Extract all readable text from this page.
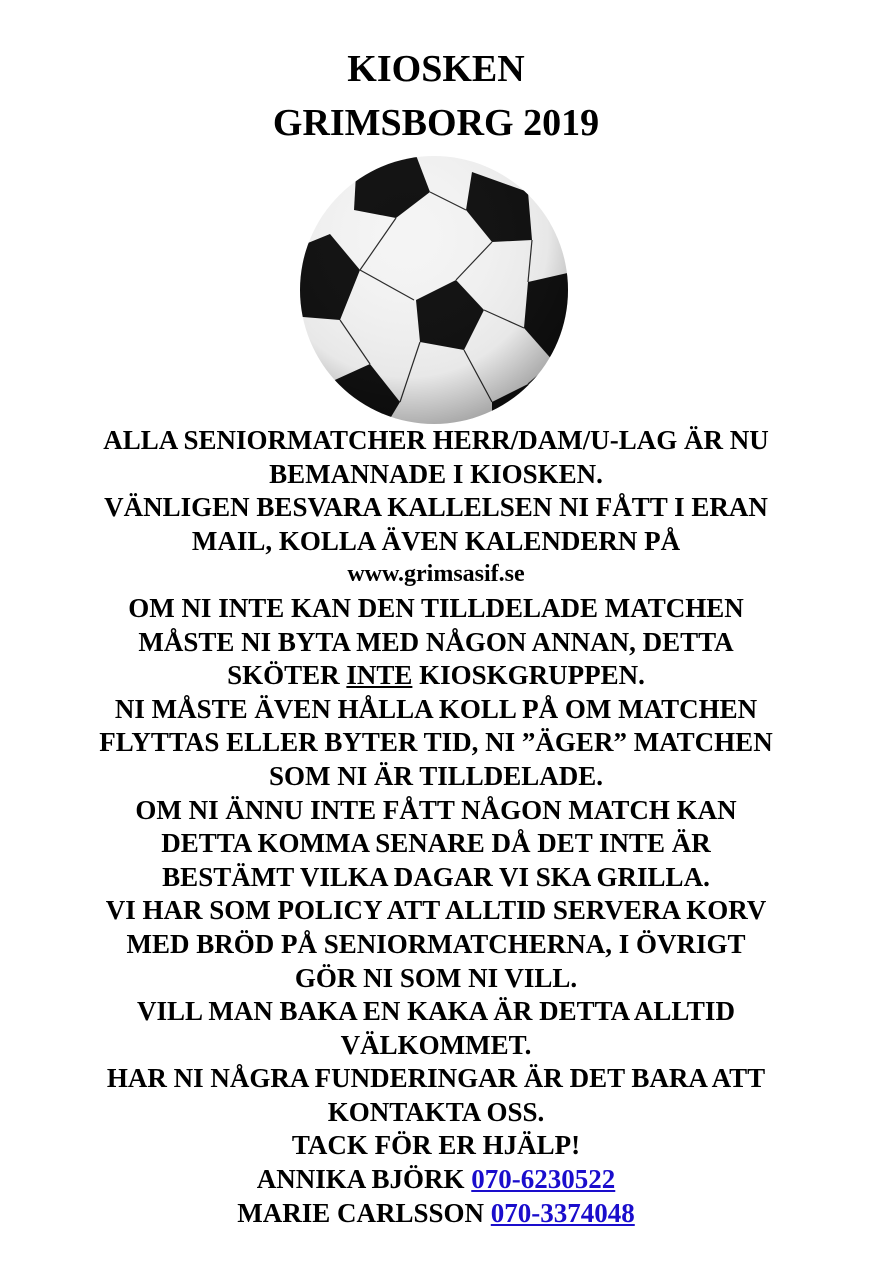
KIOSKEN
GRIMSBORG 2019
ALLA SENIORMATCHER HERR/DAM/U-LAG ÄR NU
BEMANNADE I KIOSKEN.
VÄNLIGEN BESVARA KALLELSEN NI FÅTT I ERAN
MAIL, KOLLA ÄVEN KALENDERN PÅ
www.grimsasif.se
OM NI INTE KAN DEN TILLDELADE MATCHEN
MÅSTE NI BYTA MED NÅGON ANNAN, DETTA
SKÖTER INTE KIOSKGRUPPEN.
NI MÅSTE ÄVEN HÅLLA KOLL PÅ OM MATCHEN
FLYTTAS ELLER BYTER TID, NI ”ÄGER” MATCHEN
SOM NI ÄR TILLDELADE.
OM NI ÄNNU INTE FÅTT NÅGON MATCH KAN
DETTA KOMMA SENARE DÅ DET INTE ÄR
BESTÄMT VILKA DAGAR VI SKA GRILLA.
VI HAR SOM POLICY ATT ALLTID SERVERA KORV
MED BRÖD PÅ SENIORMATCHERNA, I ÖVRIGT
GÖR NI SOM NI VILL.
VILL MAN BAKA EN KAKA ÄR DETTA ALLTID
VÄLKOMMET.
HAR NI NÅGRA FUNDERINGAR ÄR DET BARA ATT
KONTAKTA OSS.
TACK FÖR ER HJÄLP!
ANNIKA BJÖRK 070-6230522
MARIE CARLSSON 070-3374048
